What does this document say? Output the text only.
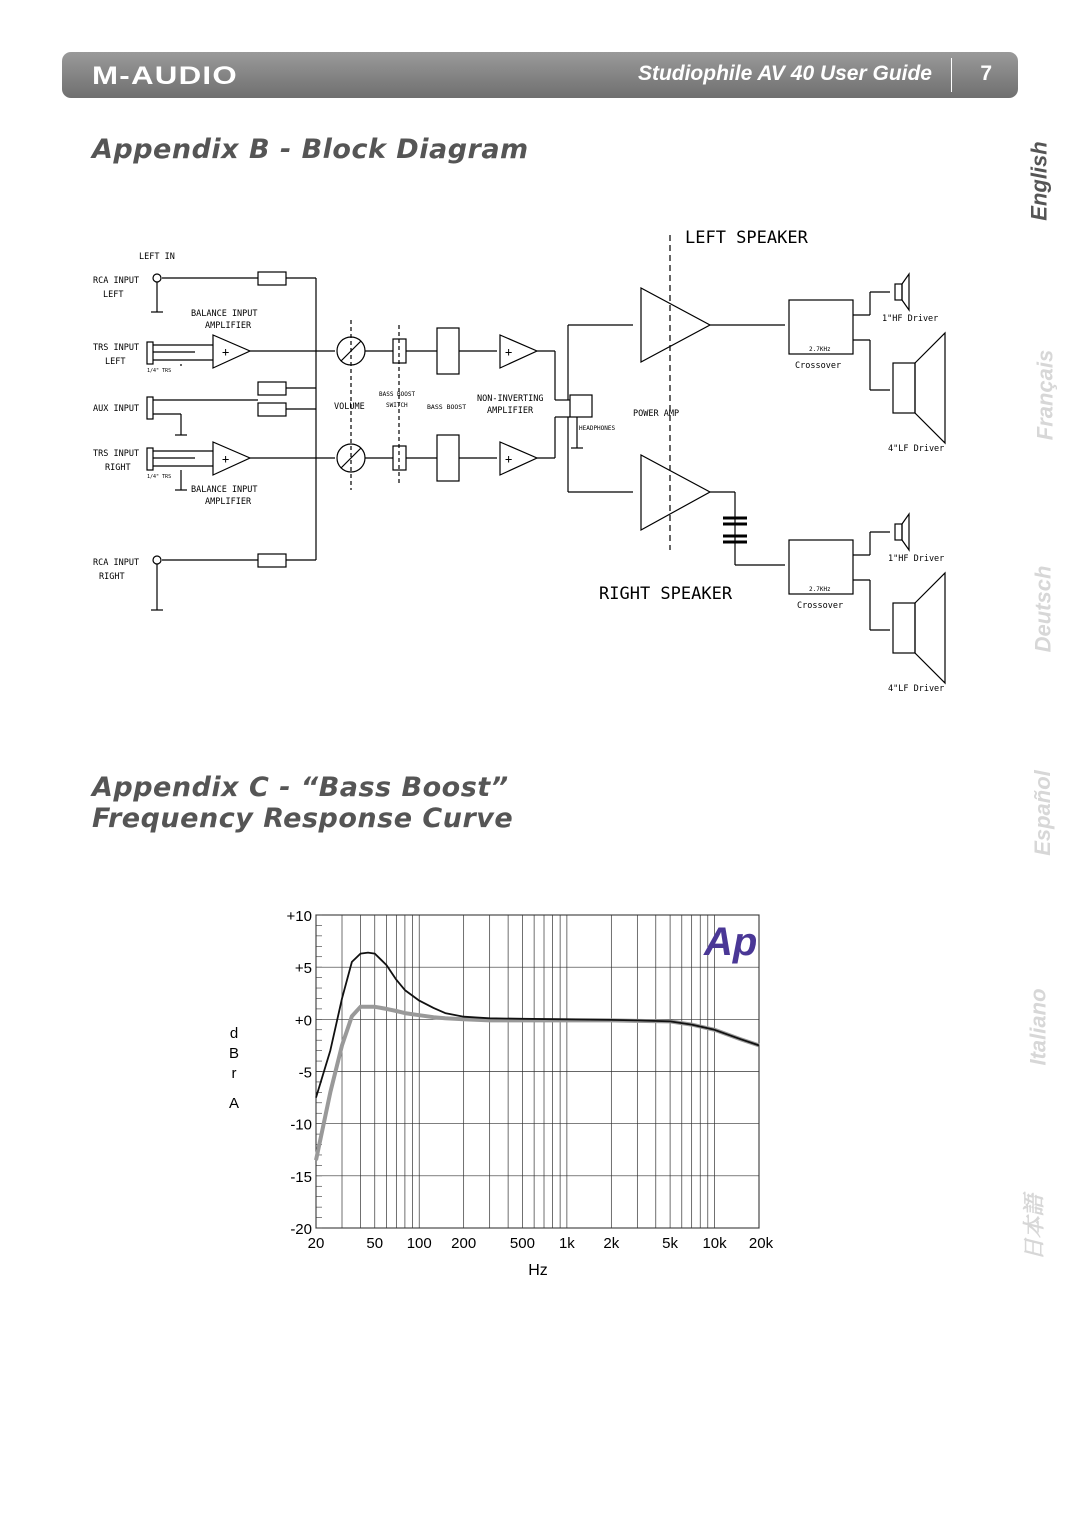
M-AUDIO	Studiophile AV 40 User Guide 7
Appendix B - Block Diagram
Appendix C - “Bass Boost”
Frequency Response Curve
English
Français
Deutsch
Español
Italiano
日本語
LEFT SPEAKER
RIGHT SPEAKER
LEFT IN
RCA INPUT
LEFT
BALANCE INPUT
AMPLIFIER
TRS INPUT
LEFT
1/4" TRS
AUX INPUT
TRS INPUT
RIGHT
1/4" TRS
BALANCE INPUT
AMPLIFIER
RCA INPUT
RIGHT
VOLUME
BASS BOOST
SWITCH	BASS BOOST
NON-INVERTING
AMPLIFIER
HEADPHONES
POWER AMP
Crossover
Crossover
2.7KHz
2.7KHz
1"HF Driver
4"LF Driver
1"HF Driver
4"LF Driver
+
+
+
+
20	50 100 200 500 1k 2k	5k 10k 20k
+10
+5
+0
-5
-10
-15
-20
d
B
r
A
Ap
Hz
